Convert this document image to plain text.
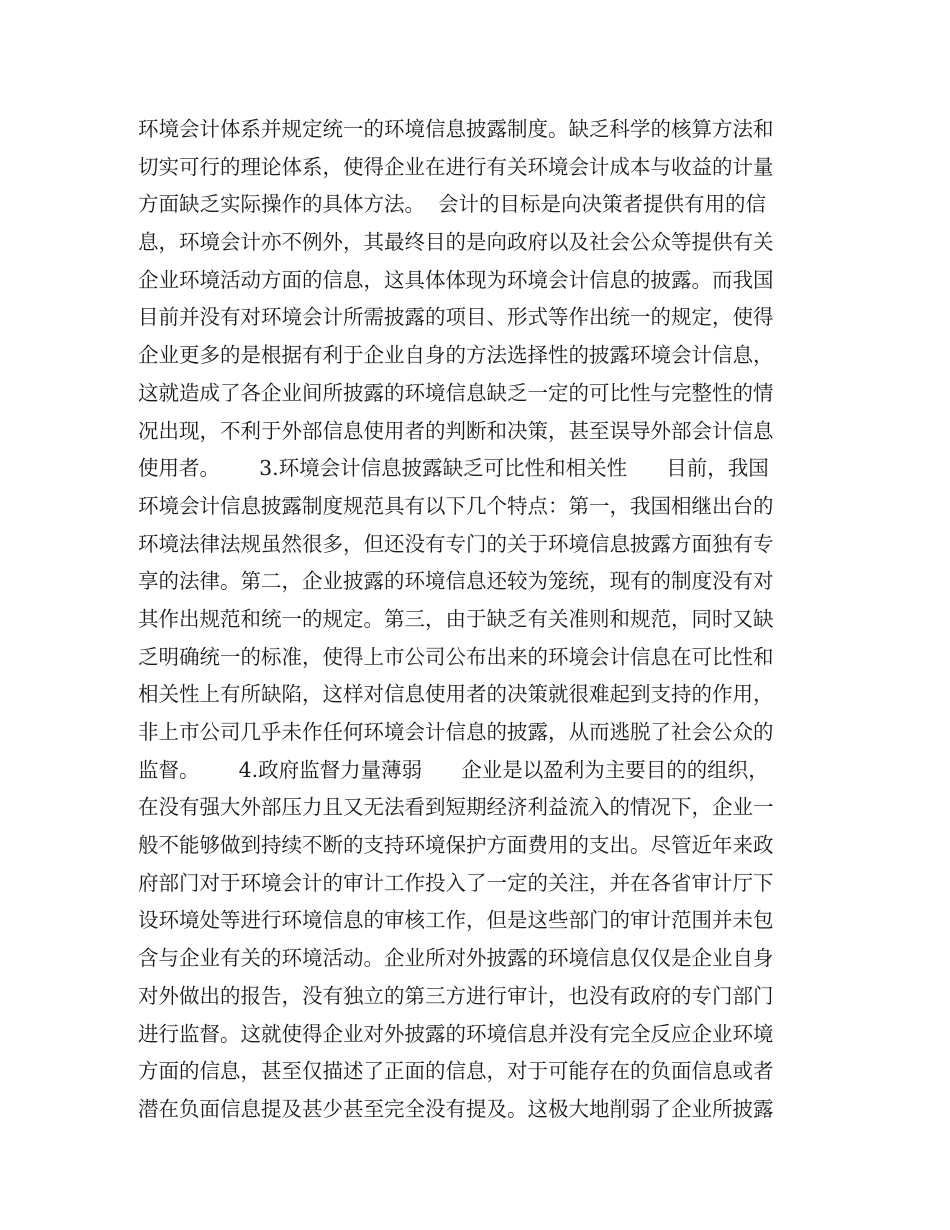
环境会计体系并规定统一的环境信息披露制度。缺乏科学的核算方法和
切实可行的理论体系，使得企业在进行有关环境会计成本与收益的计量
方面缺乏实际操作的具体方法。  会计的目标是向决策者提供有用的信
息，环境会计亦不例外，其最终目的是向政府以及社会公众等提供有关
企业环境活动方面的信息，这具体体现为环境会计信息的披露。而我国
目前并没有对环境会计所需披露的项目、形式等作出统一的规定，使得
企业更多的是根据有利于企业自身的方法选择性的披露环境会计信息，
这就造成了各企业间所披露的环境信息缺乏一定的可比性与完整性的情
况出现，不利于外部信息使用者的判断和决策，甚至误导外部会计信息
使用者。      3.环境会计信息披露缺乏可比性和相关性      目前，我国
环境会计信息披露制度规范具有以下几个特点：第一，我国相继出台的
环境法律法规虽然很多，但还没有专门的关于环境信息披露方面独有专
享的法律。第二，企业披露的环境信息还较为笼统，现有的制度没有对
其作出规范和统一的规定。第三，由于缺乏有关准则和规范，同时又缺
乏明确统一的标准，使得上市公司公布出来的环境会计信息在可比性和
相关性上有所缺陷，这样对信息使用者的决策就很难起到支持的作用，
非上市公司几乎未作任何环境会计信息的披露，从而逃脱了社会公众的
监督。      4.政府监督力量薄弱      企业是以盈利为主要目的的组织，
在没有强大外部压力且又无法看到短期经济利益流入的情况下，企业一
般不能够做到持续不断的支持环境保护方面费用的支出。尽管近年来政
府部门对于环境会计的审计工作投入了一定的关注，并在各省审计厅下
设环境处等进行环境信息的审核工作，但是这些部门的审计范围并未包
含与企业有关的环境活动。企业所对外披露的环境信息仅仅是企业自身
对外做出的报告，没有独立的第三方进行审计，也没有政府的专门部门
进行监督。这就使得企业对外披露的环境信息并没有完全反应企业环境
方面的信息，甚至仅描述了正面的信息，对于可能存在的负面信息或者
潜在负面信息提及甚少甚至完全没有提及。这极大地削弱了企业所披露
